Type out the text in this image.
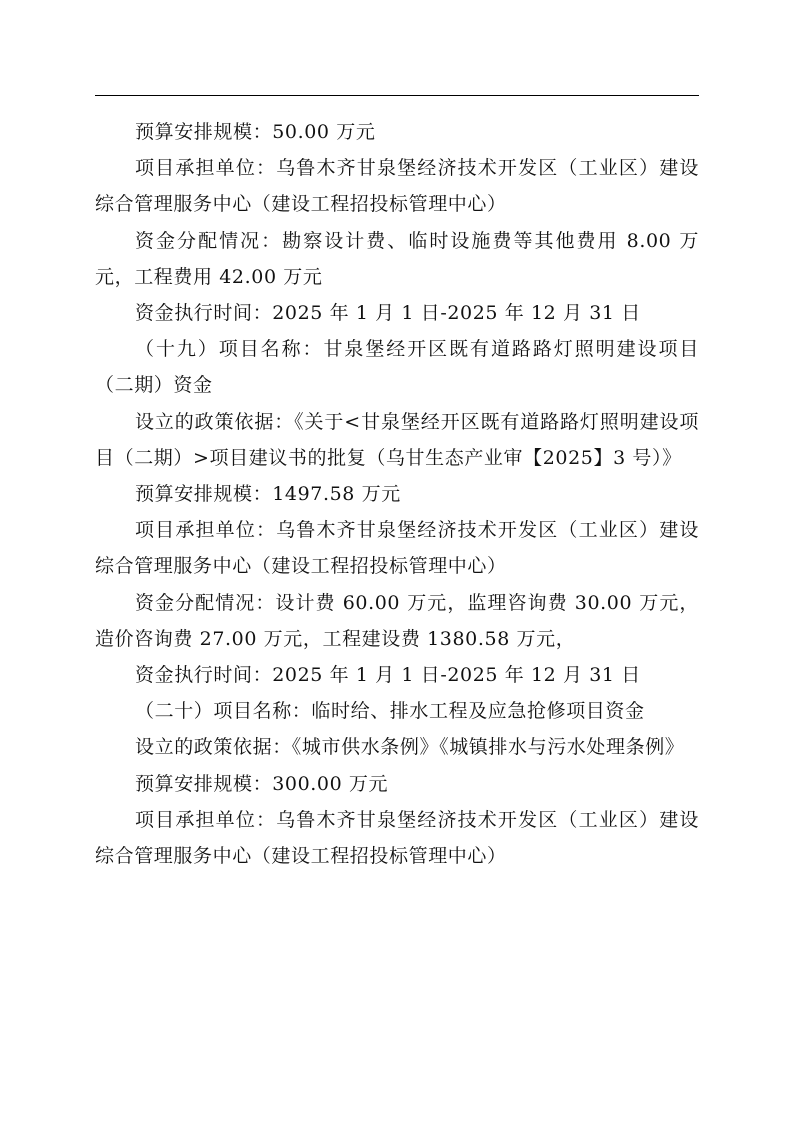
预算安排规模：50.00 万元

项目承担单位：乌鲁木齐甘泉堡经济技术开发区（工业区）建设综合管理服务中心（建设工程招投标管理中心）

资金分配情况：勘察设计费、临时设施费等其他费用 8.00 万元，工程费用 42.00 万元

资金执行时间：2025 年 1 月 1 日-2025 年 12 月 31 日

（十九）项目名称：甘泉堡经开区既有道路路灯照明建设项目（二期）资金

设立的政策依据：《关于<甘泉堡经开区既有道路路灯照明建设项目（二期）>项目建议书的批复（乌甘生态产业审【2025】3 号）》

预算安排规模：1497.58 万元

项目承担单位：乌鲁木齐甘泉堡经济技术开发区（工业区）建设综合管理服务中心（建设工程招投标管理中心）

资金分配情况：设计费 60.00 万元，监理咨询费 30.00 万元，造价咨询费 27.00 万元，工程建设费 1380.58 万元，

资金执行时间：2025 年 1 月 1 日-2025 年 12 月 31 日

（二十）项目名称：临时给、排水工程及应急抢修项目资金

设立的政策依据：《城市供水条例》《城镇排水与污水处理条例》

预算安排规模：300.00 万元

项目承担单位：乌鲁木齐甘泉堡经济技术开发区（工业区）建设综合管理服务中心（建设工程招投标管理中心）
